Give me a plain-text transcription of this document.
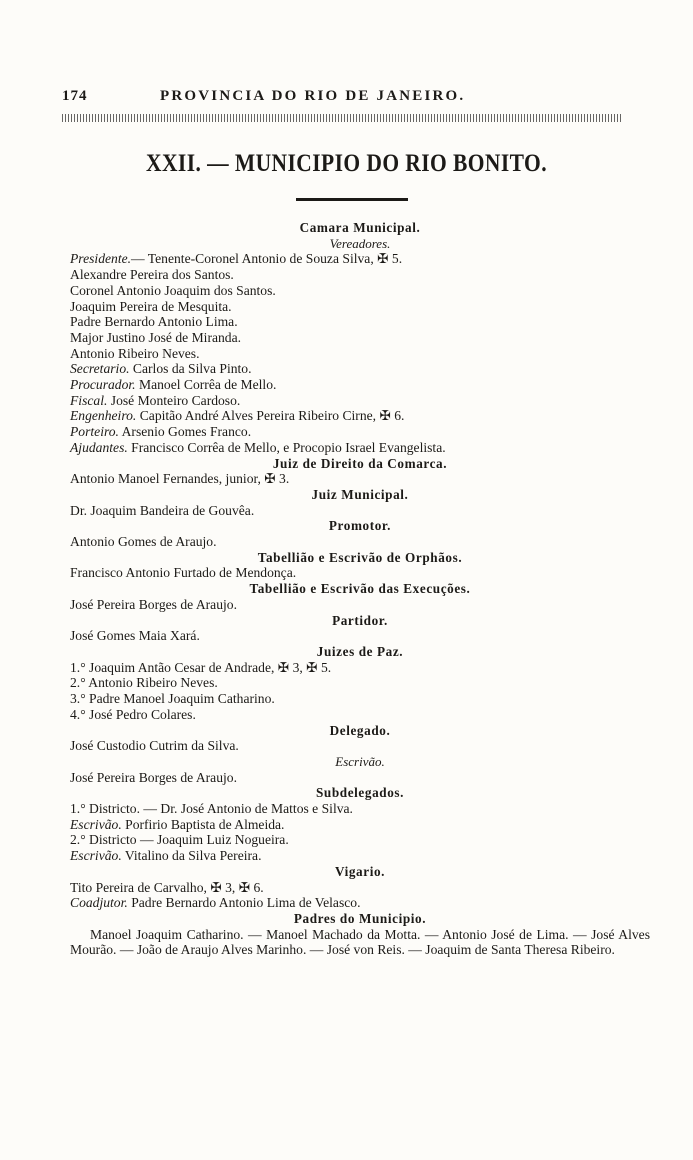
174	PROVINCIA DO RIO DE JANEIRO.
XXII. — MUNICIPIO DO RIO BONITO.
Camara Municipal.
Vereadores.
Presidente.— Tenente-Coronel Antonio de Souza Silva, ✠ 5.
Alexandre Pereira dos Santos.
Coronel Antonio Joaquim dos Santos.
Joaquim Pereira de Mesquita.
Padre Bernardo Antonio Lima.
Major Justino José de Miranda.
Antonio Ribeiro Neves.
Secretario. Carlos da Silva Pinto.
Procurador. Manoel Corrêa de Mello.
Fiscal. José Monteiro Cardoso.
Engenheiro. Capitão André Alves Pereira Ribeiro Cirne, ✠ 6.
Porteiro. Arsenio Gomes Franco.
Ajudantes. Francisco Corrêa de Mello, e Procopio Israel Evangelista.
Juiz de Direito da Comarca.
Antonio Manoel Fernandes, junior, ✠ 3.
Juiz Municipal.
Dr. Joaquim Bandeira de Gouvêa.
Promotor.
Antonio Gomes de Araujo.
Tabellião e Escrivão de Orphãos.
Francisco Antonio Furtado de Mendonça.
Tabellião e Escrivão das Execuções.
José Pereira Borges de Araujo.
Partidor.
José Gomes Maia Xará.
Juizes de Paz.
1.° Joaquim Antão Cesar de Andrade, ✠ 3, ✠ 5.
2.° Antonio Ribeiro Neves.
3.° Padre Manoel Joaquim Catharino.
4.° José Pedro Colares.
Delegado.
José Custodio Cutrim da Silva.
Escrivão.
José Pereira Borges de Araujo.
Subdelegados.
1.° Districto. — Dr. José Antonio de Mattos e Silva.
Escrivão. Porfirio Baptista de Almeida.
2.° Districto — Joaquim Luiz Nogueira.
Escrivão. Vitalino da Silva Pereira.
Vigario.
Tito Pereira de Carvalho, ✠ 3, ✠ 6.
Coadjutor. Padre Bernardo Antonio Lima de Velasco.
Padres do Municipio.
Manoel Joaquim Catharino. — Manoel Machado da Motta. — Antonio José de Lima. — José Alves Mourão. — João de Araujo Alves Marinho. — José von Reis. — Joaquim de Santa Theresa Ribeiro.
